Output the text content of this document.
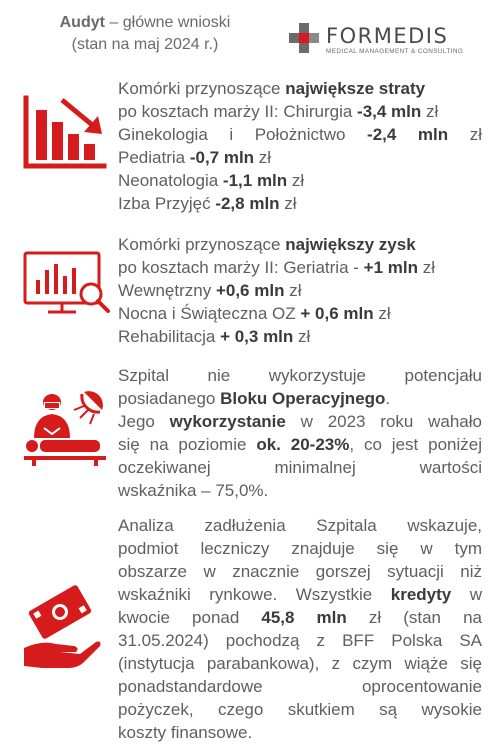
Audyt – główne wnioski
(stan na maj 2024 r.)	FORMEDIS
MEDICAL MANAGEMENT & CONSULTING
Komórki przynoszące największe straty
po kosztach marży II: Chirurgia -3,4 mln zł
Ginekologia i Położnictwo -2,4 mln zł
Pediatria -0,7 mln zł
Neonatologia -1,1 mln zł
Izba Przyjęć -2,8 mln zł
Komórki przynoszące największy zysk
po kosztach marży II: Geriatria - +1 mln zł
Wewnętrzny +0,6 mln zł
Nocna i Świąteczna OZ + 0,6 mln zł
Rehabilitacja + 0,3 mln zł
Szpital nie wykorzystuje potencjału
posiadanego Bloku Operacyjnego.
Jego wykorzystanie w 2023 roku wahało
się na poziomie ok. 20-23%, co jest poniżej
oczekiwanej minimalnej wartości
wskaźnika – 75,0%.
Analiza zadłużenia Szpitala wskazuje,
podmiot leczniczy znajduje się w tym
obszarze w znacznie gorszej sytuacji niż
wskaźniki rynkowe. Wszystkie kredyty w
kwocie ponad 45,8 mln zł (stan na
31.05.2024) pochodzą z BFF Polska SA
(instytucja parabankowa), z czym wiąże się
ponadstandardowe oprocentowanie
pożyczek, czego skutkiem są wysokie
koszty finansowe.
